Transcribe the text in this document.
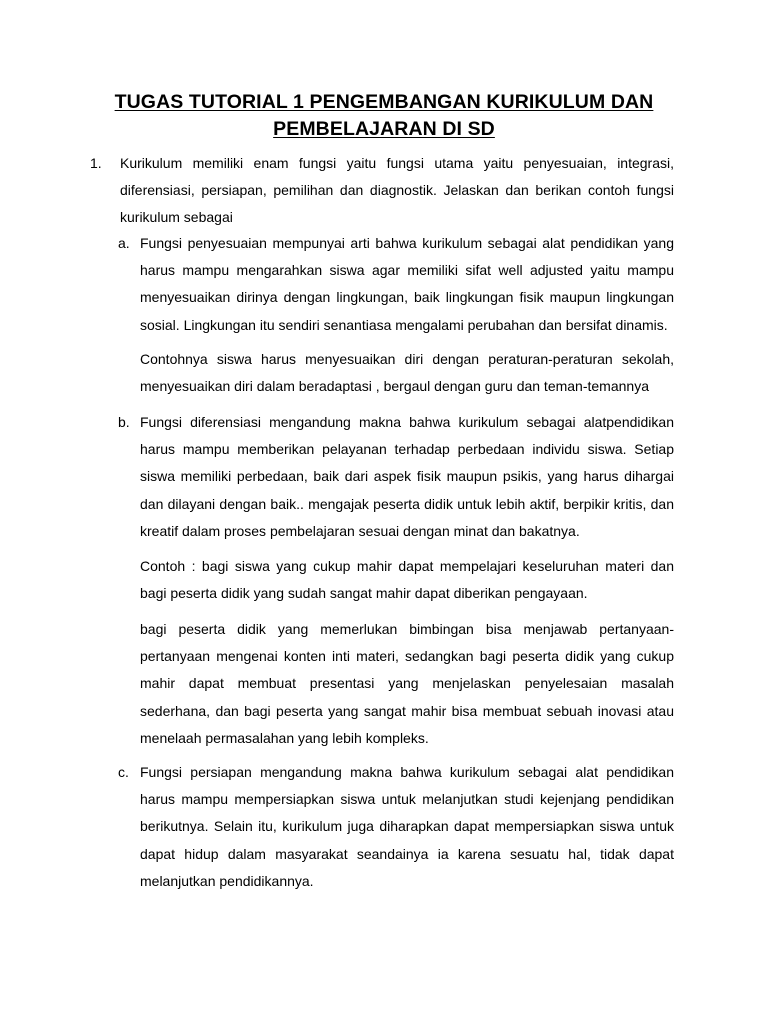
TUGAS TUTORIAL 1 PENGEMBANGAN KURIKULUM DAN
PEMBELAJARAN DI SD
1. Kurikulum memiliki enam fungsi yaitu fungsi utama yaitu penyesuaian, integrasi, diferensiasi, persiapan, pemilihan dan diagnostik. Jelaskan dan berikan contoh fungsi kurikulum sebagai

a. Fungsi penyesuaian mempunyai arti bahwa kurikulum sebagai alat pendidikan yang harus mampu mengarahkan siswa agar memiliki sifat well adjusted yaitu mampu menyesuaikan dirinya dengan lingkungan, baik lingkungan fisik maupun lingkungan sosial. Lingkungan itu sendiri senantiasa mengalami perubahan dan bersifat dinamis.

Contohnya siswa harus menyesuaikan diri dengan peraturan-peraturan sekolah, menyesuaikan diri dalam beradaptasi , bergaul dengan guru dan teman-temannya

b. Fungsi diferensiasi mengandung makna bahwa kurikulum sebagai alatpendidikan harus mampu memberikan pelayanan terhadap perbedaan individu siswa. Setiap siswa memiliki perbedaan, baik dari aspek fisik maupun psikis, yang harus dihargai dan dilayani dengan baik.. mengajak peserta didik untuk lebih aktif, berpikir kritis, dan kreatif dalam proses pembelajaran sesuai dengan minat dan bakatnya.

Contoh : bagi siswa yang cukup mahir dapat mempelajari keseluruhan materi dan bagi peserta didik yang sudah sangat mahir dapat diberikan pengayaan.

bagi peserta didik yang memerlukan bimbingan bisa menjawab pertanyaan-pertanyaan mengenai konten inti materi, sedangkan bagi peserta didik yang cukup mahir dapat membuat presentasi yang menjelaskan penyelesaian masalah sederhana, dan bagi peserta yang sangat mahir bisa membuat sebuah inovasi atau menelaah permasalahan yang lebih kompleks.

c. Fungsi persiapan mengandung makna bahwa kurikulum sebagai alat pendidikan harus mampu mempersiapkan siswa untuk melanjutkan studi kejenjang pendidikan berikutnya. Selain itu, kurikulum juga diharapkan dapat mempersiapkan siswa untuk dapat hidup dalam masyarakat seandainya ia karena sesuatu hal, tidak dapat melanjutkan pendidikannya.
